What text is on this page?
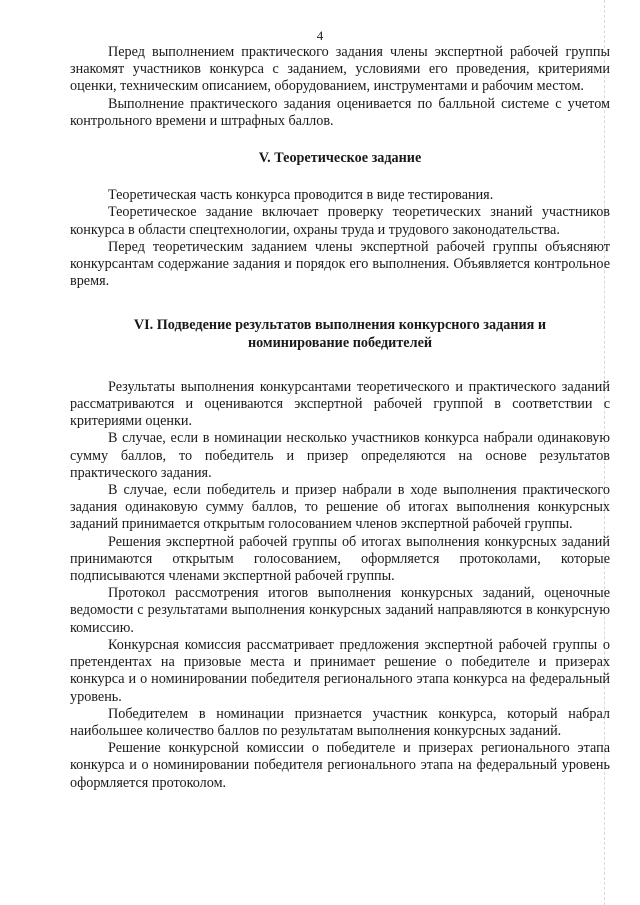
4

Перед выполнением практического задания члены экспертной рабочей группы знакомят участников конкурса с заданием, условиями его проведения, критериями оценки, техническим описанием, оборудованием, инструментами и рабочим местом.

Выполнение практического задания оценивается по балльной системе с учетом контрольного времени и штрафных баллов.

V. Теоретическое задание

Теоретическая часть конкурса проводится в виде тестирования.

Теоретическое задание включает проверку теоретических знаний участников конкурса в области спецтехнологии, охраны труда и трудового законодательства.

Перед теоретическим заданием члены экспертной рабочей группы объясняют конкурсантам содержание задания и порядок его выполнения. Объявляется контрольное время.

VI. Подведение результатов выполнения конкурсного задания и
номинирование победителей

Результаты выполнения конкурсантами теоретического и практического заданий рассматриваются и оцениваются экспертной рабочей группой в соответствии с критериями оценки.

В случае, если в номинации несколько участников конкурса набрали одинаковую сумму баллов, то победитель и призер определяются на основе результатов практического задания.

В случае, если победитель и призер набрали в ходе выполнения практического задания одинаковую сумму баллов, то решение об итогах выполнения конкурсных заданий принимается открытым голосованием членов экспертной рабочей группы.

Решения экспертной рабочей группы об итогах выполнения конкурсных заданий принимаются открытым голосованием, оформляется протоколами, которые подписываются членами экспертной рабочей группы.

Протокол рассмотрения итогов выполнения конкурсных заданий, оценочные ведомости с результатами выполнения конкурсных заданий направляются в конкурсную комиссию.

Конкурсная комиссия рассматривает предложения экспертной рабочей группы о претендентах на призовые места и принимает решение о победителе и призерах конкурса и о номинировании победителя регионального этапа конкурса на федеральный уровень.

Победителем в номинации признается участник конкурса, который набрал наибольшее количество баллов по результатам выполнения конкурсных заданий.

Решение конкурсной комиссии о победителе и призерах регионального этапа конкурса и о номинировании победителя регионального этапа на федеральный уровень оформляется протоколом.
